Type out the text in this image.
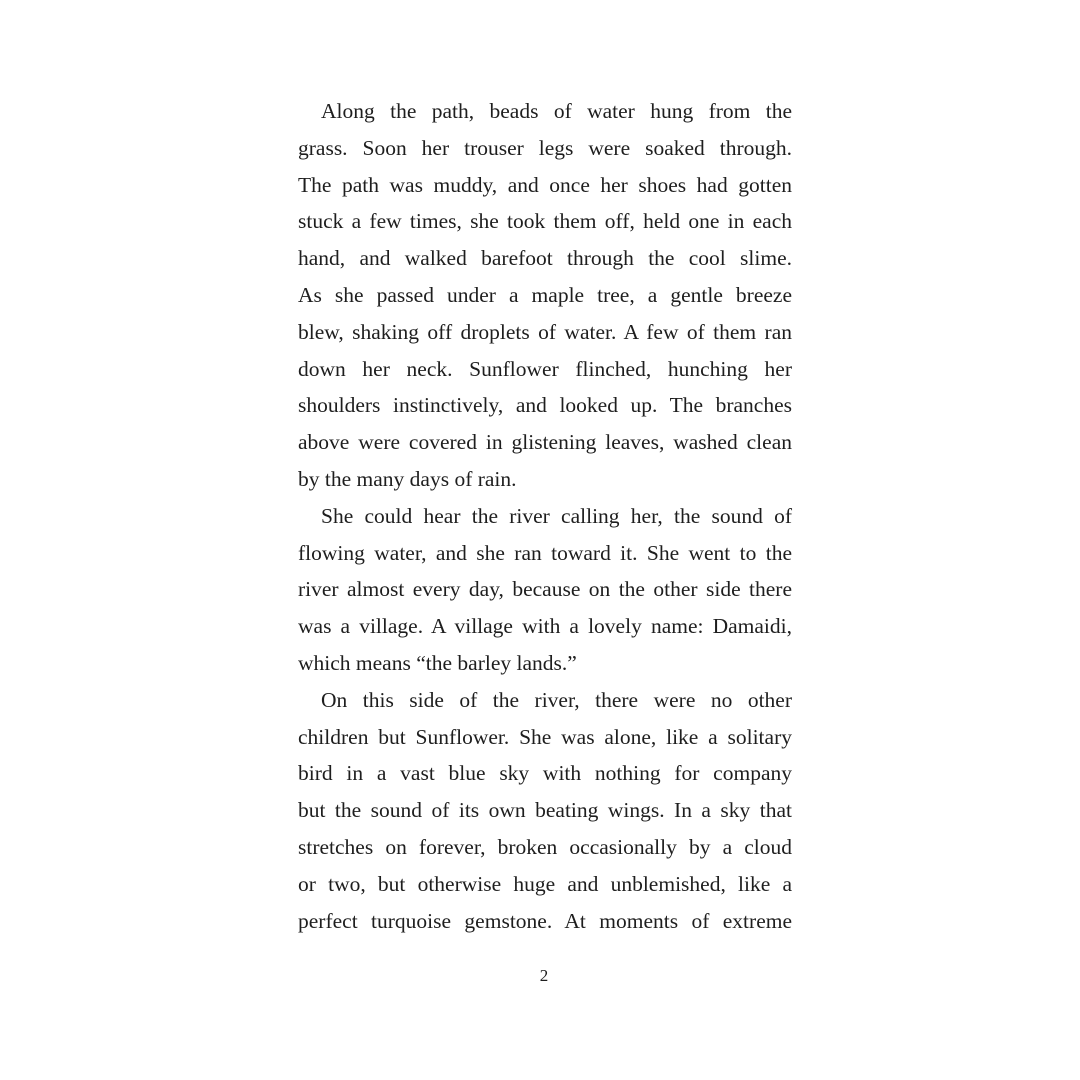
Along the path, beads of water hung from the
grass. Soon her trouser legs were soaked through.
The path was muddy, and once her shoes had gotten
stuck a few times, she took them off, held one in each
hand, and walked barefoot through the cool slime.
As she passed under a maple tree, a gentle breeze
blew, shaking off droplets of water. A few of them ran
down her neck. Sunflower flinched, hunching her
shoulders instinctively, and looked up. The branches
above were covered in glistening leaves, washed clean
by the many days of rain.
She could hear the river calling her, the sound of
flowing water, and she ran toward it. She went to the
river almost every day, because on the other side there
was a village. A village with a lovely name: Damaidi,
which means “the barley lands.”
On this side of the river, there were no other
children but Sunflower. She was alone, like a solitary
bird in a vast blue sky with nothing for company
but the sound of its own beating wings. In a sky that
stretches on forever, broken occasionally by a cloud
or two, but otherwise huge and unblemished, like a
perfect turquoise gemstone. At moments of extreme
2
